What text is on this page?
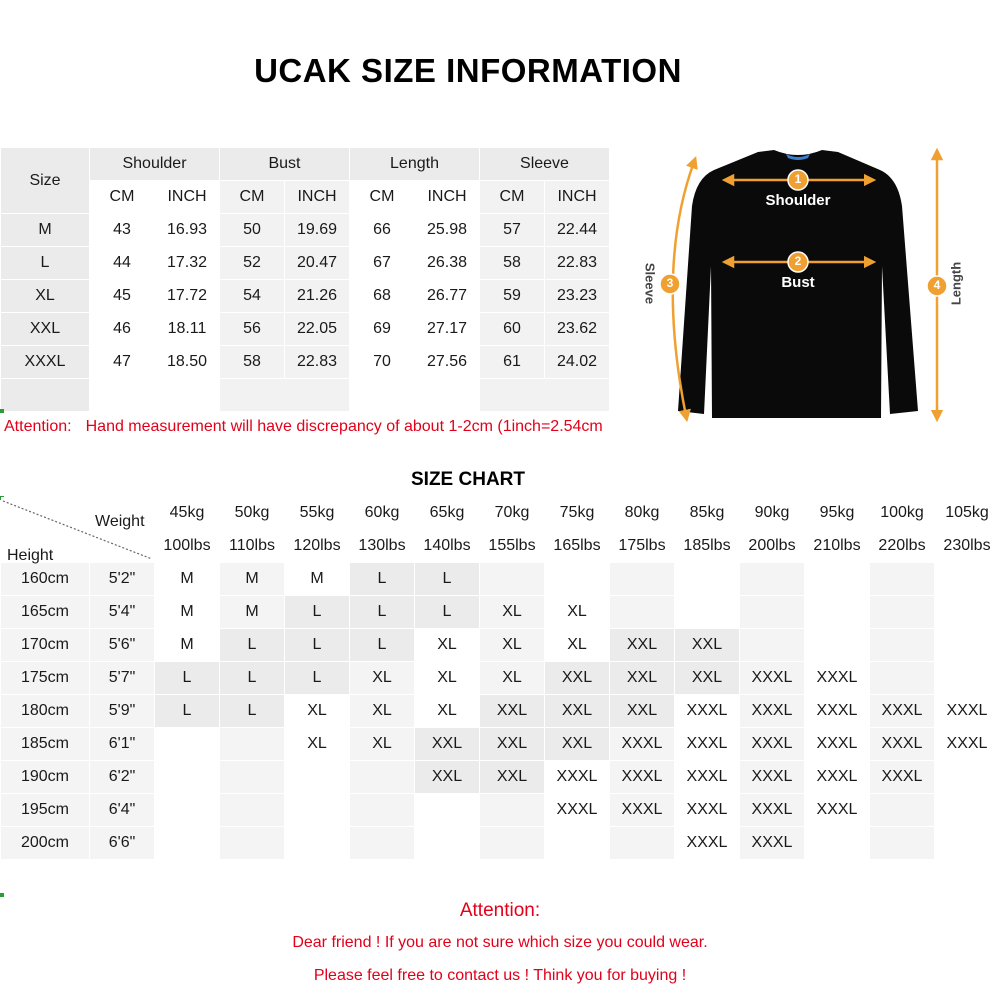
UCAK SIZE INFORMATION
Size	Shoulder		Bust		Length		Sleeve	
	CM	INCH	CM	INCH	CM	INCH	CM	INCH
M	43	16.93	50	19.69	66	25.98	57	22.44
L	44	17.32	52	20.47	67	26.38	58	22.83
XL	45	17.72	54	21.26	68	26.77	59	23.23
XXL	46	18.11	56	22.05	69	27.17	60	23.62
XXXL	47	18.50	58	22.83	70	27.56	61	24.02

Attention: Hand measurement will have discrepancy of about 1-2cm (1inch=2.54cm
1
Shoulder
2
Bust
3
Sleeve	4 Length
SIZE CHART
Weight
Height		45kg	50kg	55kg	60kg	65kg	70kg	75kg	80kg	85kg	90kg	95kg	100kg	105kg
		100lbs	110lbs	120lbs	130lbs	140lbs	155lbs	165lbs	175lbs	185lbs	200lbs	210lbs	220lbs	230lbs
160cm	5'2"	M	M	M	L	L								
165cm	5'4"	M	M	L	L	L	XL	XL						
170cm	5'6"	M	L	L	L	XL	XL	XL	XXL	XXL				
175cm	5'7"	L	L	L	XL	XL	XL	XXL	XXL	XXL	XXXL	XXXL		
180cm	5'9"	L	L	XL	XL	XL	XXL	XXL	XXL	XXXL	XXXL	XXXL	XXXL	XXXL
185cm	6'1"			XL	XL	XXL	XXL	XXL	XXXL	XXXL	XXXL	XXXL	XXXL	XXXL
190cm	6'2"					XXL	XXL	XXXL	XXXL	XXXL	XXXL	XXXL	XXXL	
195cm	6'4"							XXXL	XXXL	XXXL	XXXL	XXXL		
200cm	6'6"									XXXL	XXXL			
Attention:
Dear friend ! If you are not sure which size you could wear.
Please feel free to contact us ! Think you for buying !
